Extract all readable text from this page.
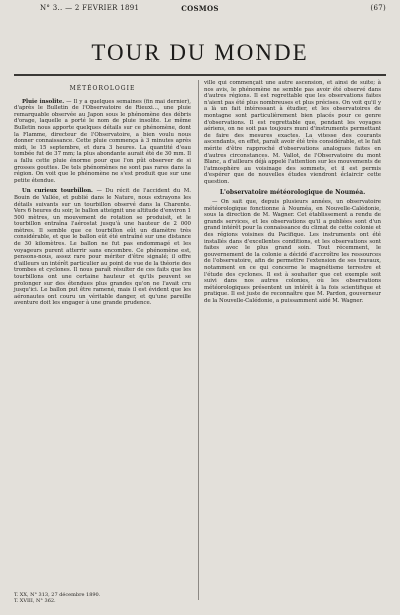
N° 3.. — 2 FEVRIER 1891	COSMOS	(67)
TOUR DU MONDE
MÉTÉOROLOGIE

Pluie insolite. — Il y a quelques semaines (fin mai dernier), d'après le Bulletin de l'Observatoire de Rieuxi..., une pluie remarquable observée au Japon sous le phénomène des débris d'orage, laquelle a porté le nom de pluie insolite. Le même Bulletin nous apporte quelques détails sur ce phénomène, dont la Flamme, directeur de l'Observatoire, a bien voulu nous donner connaissance. Cette pluie commença à 3 minutes après midi, le 15 septembre, et dura 3 heures. La quantité d'eau tombée fut de 37 mm; la plus abondante aurait été de 30 mm. Il a fallu cette pluie énorme pour que l'on pût observer de si grosses gouttes. De tels phénomènes ne sont pas rares dans la région. On voit que le phénomène ne s'est produit que sur une petite étendue.

Un curieux tourbillon. — Du récit de l'accident du M. Bouin de Vallée, et publié dans le Nature, nous extrayons les détails suivants sur un tourbillon observé dans la Charente. Vers 6 heures du soir, le ballon atteignit une altitude d'environ 1 500 mètres, un mouvement de rotation se produisit, et le tourbillon entraîna l'aérostat jusqu'à une hauteur de 2 000 mètres. Il semble que ce tourbillon eût un diamètre très considérable, et que le ballon eût été entraîné sur une distance de 30 kilomètres. Le ballon ne fut pas endommagé et les voyageurs purent atterrir sans encombre. Ce phénomène est, pensons-nous, assez rare pour mériter d'être signalé; il offre d'ailleurs un intérêt particulier au point de vue de la théorie des trombes et cyclones. Il nous paraît résulter de ces faits que les tourbillons ont une certaine hauteur et qu'ils peuvent se prolonger sur des étendues plus grandes qu'on ne l'avait cru jusqu'ici. Le ballon put être ramené, mais il est évident que les aéronautes ont couru un véritable danger, et qu'une pareille aventure doit les engager à une grande prudence.

ville qui commençait une autre ascension, et ainsi de suite; à nos avis, le phénomène ne semble pas avoir été observé dans d'autres régions. Il est regrettable que les observations faites n'aient pas été plus nombreuses et plus précises. On voit qu'il y a là un fait intéressant à étudier, et les observatoires de montagne sont particulièrement bien placés pour ce genre d'observations. Il est regrettable que, pendant les voyages aériens, on ne soit pas toujours muni d'instruments permettant de faire des mesures exactes. La vitesse des courants ascendants, en effet, paraît avoir été très considérable, et le fait mérite d'être rapproché d'observations analogues faites en d'autres circonstances. M. Vallot, de l'Observatoire du mont Blanc, a d'ailleurs déjà appelé l'attention sur les mouvements de l'atmosphère au voisinage des sommets, et il est permis d'espérer que de nouvelles études viendront éclaircir cette question.

L'observatoire météorologique de Nouméa.

— On sait que, depuis plusieurs années, un observatoire météorologique fonctionne à Nouméa, en Nouvelle-Calédonie, sous la direction de M. Wagner. Cet établissement a rendu de grands services, et les observations qu'il a publiées sont d'un grand intérêt pour la connaissance du climat de cette colonie et des régions voisines du Pacifique. Les instruments ont été installés dans d'excellentes conditions, et les observations sont faites avec le plus grand soin. Tout récemment, le gouvernement de la colonie a décidé d'accroître les ressources de l'observatoire, afin de permettre l'extension de ses travaux, notamment en ce qui concerne le magnétisme terrestre et l'étude des cyclones. Il est à souhaiter que cet exemple soit suivi dans nos autres colonies, où les observations météorologiques présentent un intérêt à la fois scientifique et pratique. Il est juste de reconnaître que M. Pardon, gouverneur de la Nouvelle-Calédonie, a puissamment aidé M. Wagner.

T. XX, N° 313, 27 décembre 1890.
T. XVIII, N° 362.
